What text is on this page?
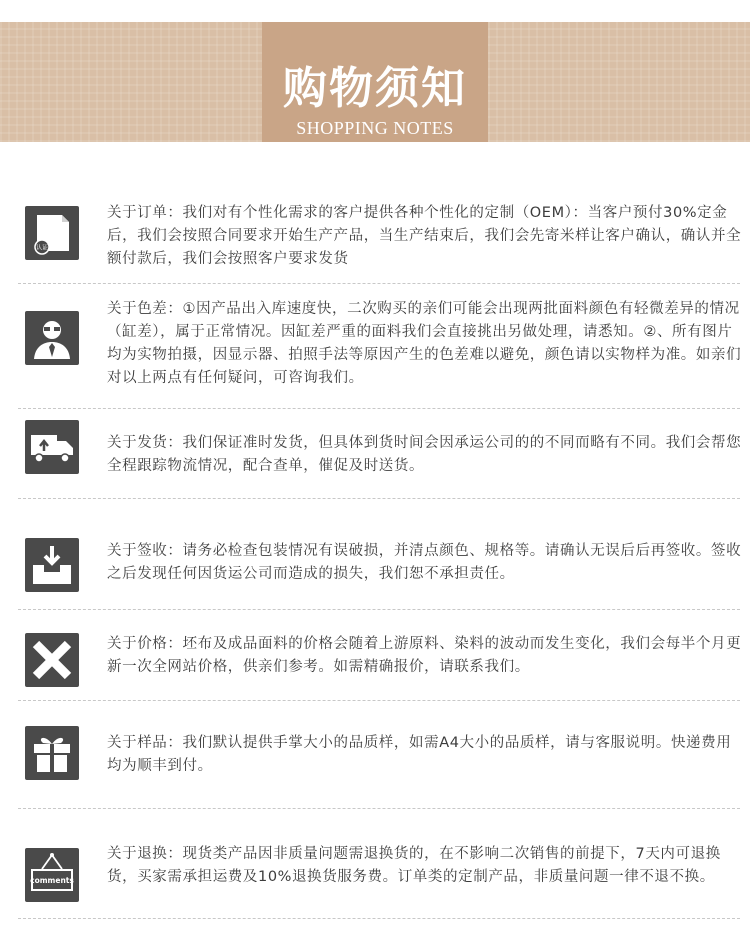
购物须知
SHOPPING NOTES
认证
关于订单：我们对有个性化需求的客户提供各种个性化的定制（OEM）：当客户预付30%定金后，我们会按照合同要求开始生产产品，当生产结束后，我们会先寄米样让客户确认，确认并全额付款后，我们会按照客户要求发货
关于色差：①因产品出入库速度快，二次购买的亲们可能会出现两批面料颜色有轻微差异的情况（缸差），属于正常情况。因缸差严重的面料我们会直接挑出另做处理，请悉知。②、所有图片均为实物拍摄，因显示器、拍照手法等原因产生的色差难以避免，颜色请以实物样为准。如亲们对以上两点有任何疑问，可咨询我们。
关于发货：我们保证准时发货，但具体到货时间会因承运公司的的不同而略有不同。我们会帮您全程跟踪物流情况，配合查单，催促及时送货。
关于签收：请务必检查包装情况有误破损，并清点颜色、规格等。请确认无误后后再签收。签收之后发现任何因货运公司而造成的损失，我们恕不承担责任。
关于价格：坯布及成品面料的价格会随着上游原料、染料的波动而发生变化，我们会每半个月更新一次全网站价格，供亲们参考。如需精确报价，请联系我们。
关于样品：我们默认提供手掌大小的品质样，如需A4大小的品质样，请与客服说明。快递费用均为顺丰到付。
comments
关于退换：现货类产品因非质量问题需退换货的，在不影响二次销售的前提下，7天内可退换货，买家需承担运费及10%退换货服务费。订单类的定制产品，非质量问题一律不退不换。
